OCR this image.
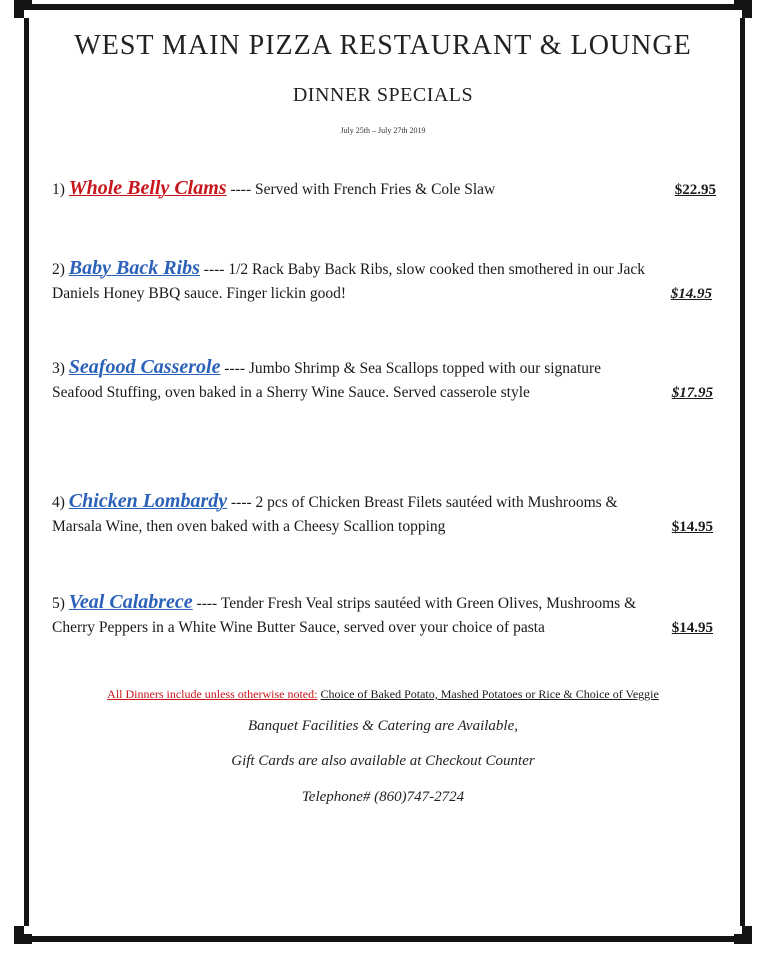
WEST MAIN PIZZA RESTAURANT & LOUNGE
DINNER SPECIALS
July 25th – July 27th 2019
1) Whole Belly Clams ---- Served with French Fries & Cole Slaw	$22.95
2) Baby Back Ribs ---- 1/2 Rack Baby Back Ribs, slow cooked then smothered in our Jack
Daniels Honey BBQ sauce. Finger lickin good!	$14.95
3) Seafood Casserole ---- Jumbo Shrimp & Sea Scallops topped with our signature
Seafood Stuffing, oven baked in a Sherry Wine Sauce. Served casserole style	$17.95
4) Chicken Lombardy ---- 2 pcs of Chicken Breast Filets sautéed with Mushrooms &
Marsala Wine, then oven baked with a Cheesy Scallion topping	$14.95
5) Veal Calabrece ---- Tender Fresh Veal strips sautéed with Green Olives, Mushrooms &
Cherry Peppers in a White Wine Butter Sauce, served over your choice of pasta	$14.95
All Dinners include unless otherwise noted: Choice of Baked Potato, Mashed Potatoes or Rice & Choice of Veggie
Banquet Facilities & Catering are Available,
Gift Cards are also available at Checkout Counter
Telephone# (860)747-2724
